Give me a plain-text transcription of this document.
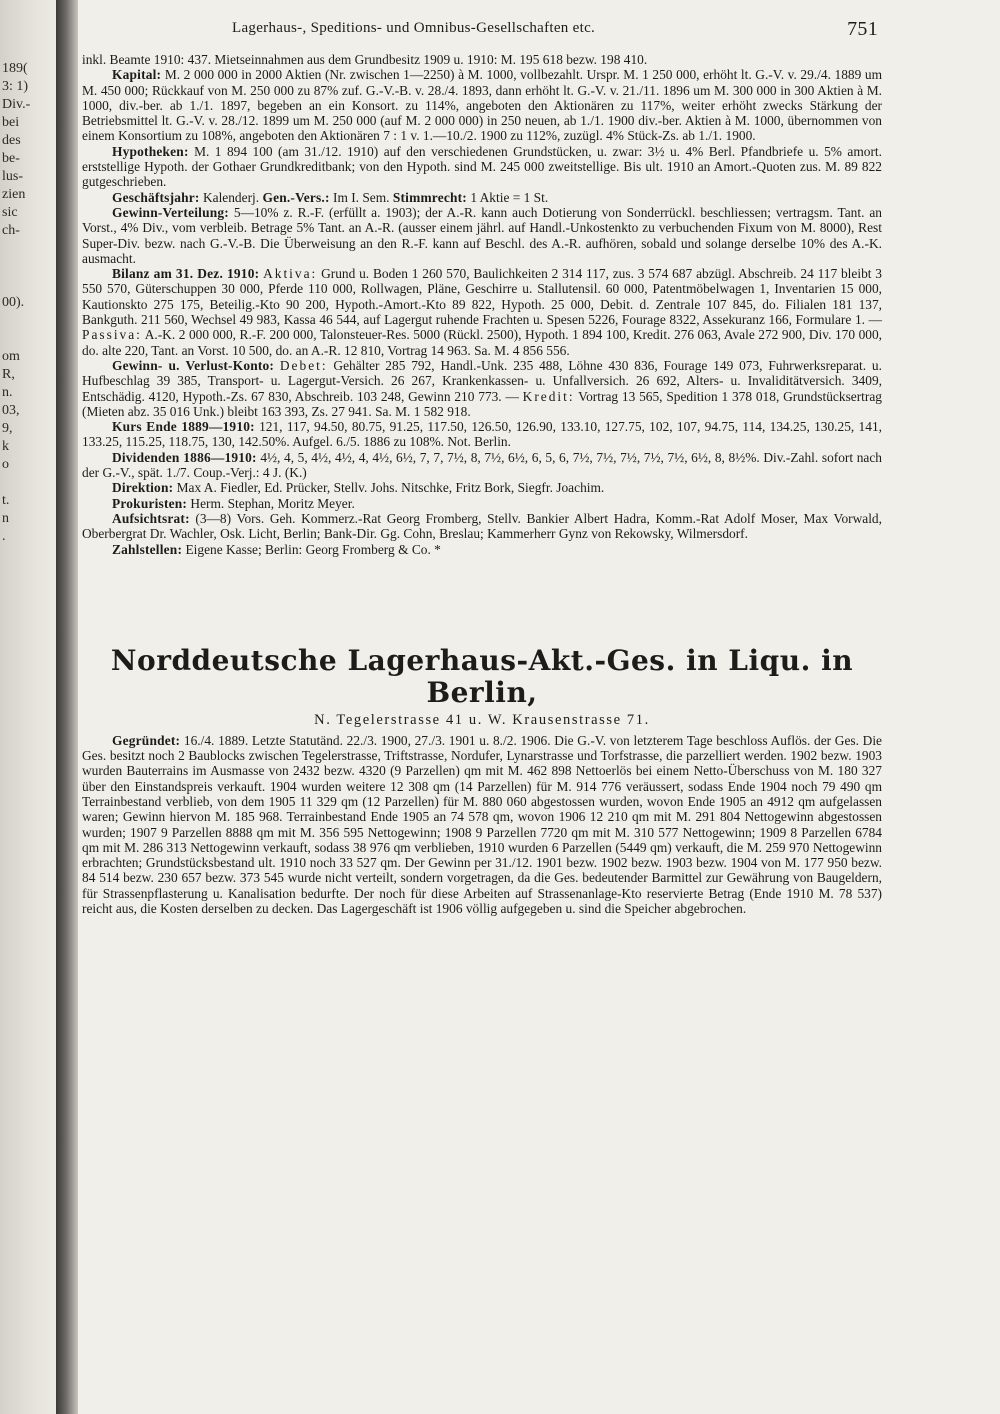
189(
3: 1)
Div.-
bei
des
be-
lus-
zien
sic
ch-
00).
om
R,
n.
03,
9,
k
o
t.
n
.
Lagerhaus-, Speditions- und Omnibus-Gesellschaften etc.	751

inkl. Beamte 1910: 437. Mietseinnahmen aus dem Grundbesitz 1909 u. 1910: M. 195 618 bezw. 198 410.

Kapital: M. 2 000 000 in 2000 Aktien (Nr. zwischen 1—2250) à M. 1000, vollbezahlt. Urspr. M. 1 250 000, erhöht lt. G.-V. v. 29./4. 1889 um M. 450 000; Rückkauf von M. 250 000 zu 87% zuf. G.-V.-B. v. 28./4. 1893, dann erhöht lt. G.-V. v. 21./11. 1896 um M. 300 000 in 300 Aktien à M. 1000, div.-ber. ab 1./1. 1897, begeben an ein Konsort. zu 114%, angeboten den Aktionären zu 117%, weiter erhöht zwecks Stärkung der Betriebsmittel lt. G.-V. v. 28./12. 1899 um M. 250 000 (auf M. 2 000 000) in 250 neuen, ab 1./1. 1900 div.-ber. Aktien à M. 1000, übernommen von einem Konsortium zu 108%, angeboten den Aktionären 7 : 1 v. 1.—10./2. 1900 zu 112%, zuzügl. 4% Stück-Zs. ab 1./1. 1900.

Hypotheken: M. 1 894 100 (am 31./12. 1910) auf den verschiedenen Grundstücken, u. zwar: 3½ u. 4% Berl. Pfandbriefe u. 5% amort. erststellige Hypoth. der Gothaer Grundkreditbank; von den Hypoth. sind M. 245 000 zweitstellige. Bis ult. 1910 an Amort.-Quoten zus. M. 89 822 gutgeschrieben.

Geschäftsjahr: Kalenderj. Gen.-Vers.: Im I. Sem. Stimmrecht: 1 Aktie = 1 St.

Gewinn-Verteilung: 5—10% z. R.-F. (erfüllt a. 1903); der A.-R. kann auch Dotierung von Sonderrückl. beschliessen; vertragsm. Tant. an Vorst., 4% Div., vom verbleib. Betrage 5% Tant. an A.-R. (ausser einem jährl. auf Handl.-Unkostenkto zu verbuchenden Fixum von M. 8000), Rest Super-Div. bezw. nach G.-V.-B. Die Überweisung an den R.-F. kann auf Beschl. des A.-R. aufhören, sobald und solange derselbe 10% des A.-K. ausmacht.

Bilanz am 31. Dez. 1910: Aktiva: Grund u. Boden 1 260 570, Baulichkeiten 2 314 117, zus. 3 574 687 abzügl. Abschreib. 24 117 bleibt 3 550 570, Güterschuppen 30 000, Pferde 110 000, Rollwagen, Pläne, Geschirre u. Stallutensil. 60 000, Patentmöbelwagen 1, Inventarien 15 000, Kautionskto 275 175, Beteilig.-Kto 90 200, Hypoth.-Amort.-Kto 89 822, Hypoth. 25 000, Debit. d. Zentrale 107 845, do. Filialen 181 137, Bankguth. 211 560, Wechsel 49 983, Kassa 46 544, auf Lagergut ruhende Frachten u. Spesen 5226, Fourage 8322, Assekuranz 166, Formulare 1. — Passiva: A.-K. 2 000 000, R.-F. 200 000, Talonsteuer-Res. 5000 (Rückl. 2500), Hypoth. 1 894 100, Kredit. 276 063, Avale 272 900, Div. 170 000, do. alte 220, Tant. an Vorst. 10 500, do. an A.-R. 12 810, Vortrag 14 963. Sa. M. 4 856 556.

Gewinn- u. Verlust-Konto: Debet: Gehälter 285 792, Handl.-Unk. 235 488, Löhne 430 836, Fourage 149 073, Fuhrwerksreparat. u. Hufbeschlag 39 385, Transport- u. Lagergut-Versich. 26 267, Krankenkassen- u. Unfallversich. 26 692, Alters- u. Invaliditätversich. 3409, Entschädig. 4120, Hypoth.-Zs. 67 830, Abschreib. 103 248, Gewinn 210 773. — Kredit: Vortrag 13 565, Spedition 1 378 018, Grundstücksertrag (Mieten abz. 35 016 Unk.) bleibt 163 393, Zs. 27 941. Sa. M. 1 582 918.

Kurs Ende 1889—1910: 121, 117, 94.50, 80.75, 91.25, 117.50, 126.50, 126.90, 133.10, 127.75, 102, 107, 94.75, 114, 134.25, 130.25, 141, 133.25, 115.25, 118.75, 130, 142.50%. Aufgel. 6./5. 1886 zu 108%. Not. Berlin.

Dividenden 1886—1910: 4½, 4, 5, 4½, 4½, 4, 4½, 6½, 7, 7, 7½, 8, 7½, 6½, 6, 5, 6, 7½, 7½, 7½, 7½, 7½, 6½, 8, 8½%. Div.-Zahl. sofort nach der G.-V., spät. 1./7. Coup.-Verj.: 4 J. (K.)

Direktion: Max A. Fiedler, Ed. Prücker, Stellv. Johs. Nitschke, Fritz Bork, Siegfr. Joachim.

Prokuristen: Herm. Stephan, Moritz Meyer.

Aufsichtsrat: (3—8) Vors. Geh. Kommerz.-Rat Georg Fromberg, Stellv. Bankier Albert Hadra, Komm.-Rat Adolf Moser, Max Vorwald, Oberbergrat Dr. Wachler, Osk. Licht, Berlin; Bank-Dir. Gg. Cohn, Breslau; Kammerherr Gynz von Rekowsky, Wilmersdorf.

Zahlstellen: Eigene Kasse; Berlin: Georg Fromberg & Co. *

Norddeutsche Lagerhaus-Akt.-Ges. in Liqu. in Berlin,
N. Tegelerstrasse 41 u. W. Krausenstrasse 71.

Gegründet: 16./4. 1889. Letzte Statutänd. 22./3. 1900, 27./3. 1901 u. 8./2. 1906. Die G.-V. von letzterem Tage beschloss Auflös. der Ges. Die Ges. besitzt noch 2 Baublocks zwischen Tegelerstrasse, Triftstrasse, Nordufer, Lynarstrasse und Torfstrasse, die parzelliert werden. 1902 bezw. 1903 wurden Bauterrains im Ausmasse von 2432 bezw. 4320 (9 Parzellen) qm mit M. 462 898 Nettoerlös bei einem Netto-Überschuss von M. 180 327 über den Einstandspreis verkauft. 1904 wurden weitere 12 308 qm (14 Parzellen) für M. 914 776 veräussert, sodass Ende 1904 noch 79 490 qm Terrainbestand verblieb, von dem 1905 11 329 qm (12 Parzellen) für M. 880 060 abgestossen wurden, wovon Ende 1905 an 4912 qm aufgelassen waren; Gewinn hiervon M. 185 968. Terrainbestand Ende 1905 an 74 578 qm, wovon 1906 12 210 qm mit M. 291 804 Nettogewinn abgestossen wurden; 1907 9 Parzellen 8888 qm mit M. 356 595 Nettogewinn; 1908 9 Parzellen 7720 qm mit M. 310 577 Nettogewinn; 1909 8 Parzellen 6784 qm mit M. 286 313 Nettogewinn verkauft, sodass 38 976 qm verblieben, 1910 wurden 6 Parzellen (5449 qm) verkauft, die M. 259 970 Nettogewinn erbrachten; Grundstücksbestand ult. 1910 noch 33 527 qm. Der Gewinn per 31./12. 1901 bezw. 1902 bezw. 1903 bezw. 1904 von M. 177 950 bezw. 84 514 bezw. 230 657 bezw. 373 545 wurde nicht verteilt, sondern vorgetragen, da die Ges. bedeutender Barmittel zur Gewährung von Baugeldern, für Strassenpflasterung u. Kanalisation bedurfte. Der noch für diese Arbeiten auf Strassenanlage-Kto reservierte Betrag (Ende 1910 M. 78 537) reicht aus, die Kosten derselben zu decken. Das Lagergeschäft ist 1906 völlig aufgegeben u. sind die Speicher abgebrochen.
